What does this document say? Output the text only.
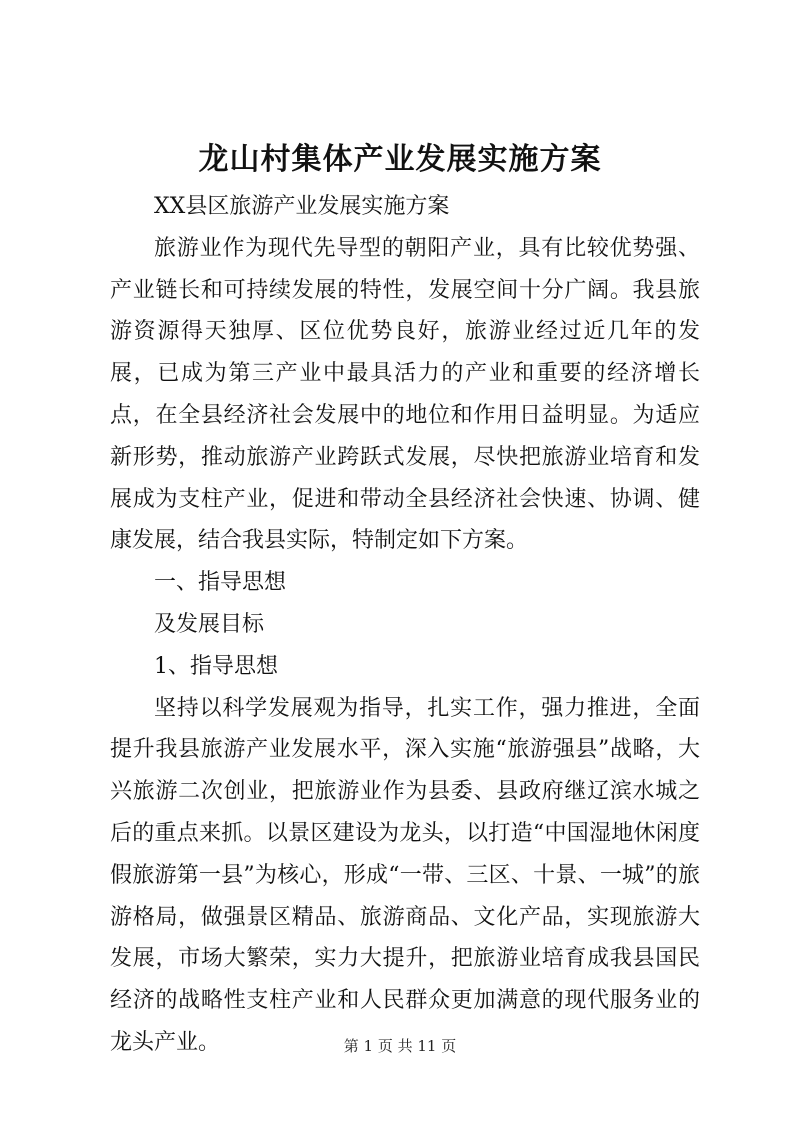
龙山村集体产业发展实施方案

XX县区旅游产业发展实施方案

旅游业作为现代先导型的朝阳产业，具有比较优势强、产业链长和可持续发展的特性，发展空间十分广阔。我县旅游资源得天独厚、区位优势良好，旅游业经过近几年的发展，已成为第三产业中最具活力的产业和重要的经济增长点，在全县经济社会发展中的地位和作用日益明显。为适应新形势，推动旅游产业跨跃式发展，尽快把旅游业培育和发展成为支柱产业，促进和带动全县经济社会快速、协调、健康发展，结合我县实际，特制定如下方案。

一、指导思想

及发展目标

1、指导思想

坚持以科学发展观为指导，扎实工作，强力推进，全面提升我县旅游产业发展水平，深入实施“旅游强县”战略，大兴旅游二次创业，把旅游业作为县委、县政府继辽滨水城之后的重点来抓。以景区建设为龙头，以打造“中国湿地休闲度假旅游第一县”为核心，形成“一带、三区、十景、一城”的旅游格局，做强景区精品、旅游商品、文化产品，实现旅游大发展，市场大繁荣，实力大提升，把旅游业培育成我县国民经济的战略性支柱产业和人民群众更加满意的现代服务业的龙头产业。	第 1 页 共 11 页
